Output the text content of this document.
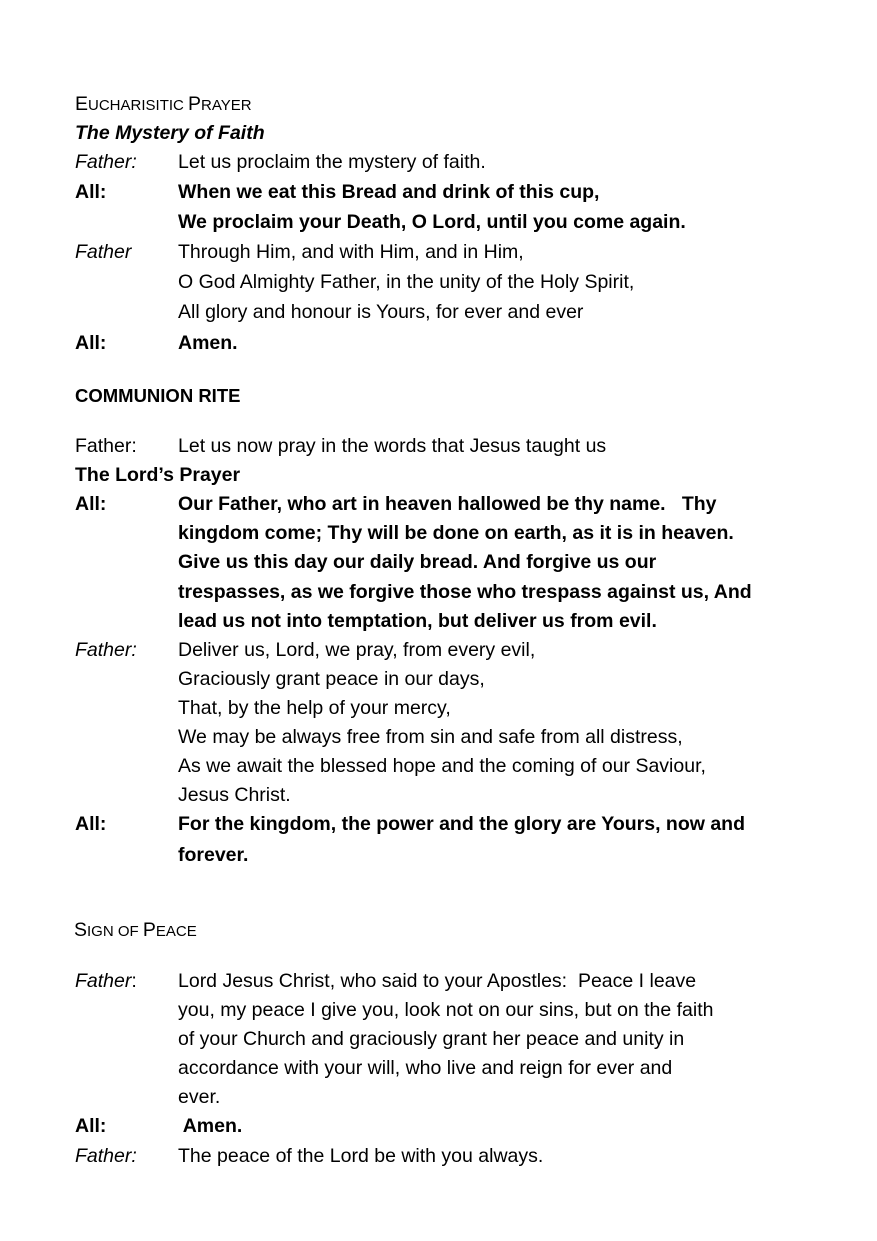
EUCHARISITIC PRAYER
The Mystery of Faith
Father: Let us proclaim the mystery of faith.
All:	When we eat this Bread and drink of this cup,
We proclaim your Death, O Lord, until you come again.
Father Through Him, and with Him, and in Him,
O God Almighty Father, in the unity of the Holy Spirit,
All glory and honour is Yours, for ever and ever
All:	Amen.
COMMUNION RITE
Father: Let us now pray in the words that Jesus taught us
The Lord’s Prayer
All:	Our Father, who art in heaven hallowed be thy name.   Thy
kingdom come; Thy will be done on earth, as it is in heaven.
Give us this day our daily bread. And forgive us our
trespasses, as we forgive those who trespass against us, And
lead us not into temptation, but deliver us from evil.
Father: Deliver us, Lord, we pray, from every evil,
Graciously grant peace in our days,
That, by the help of your mercy,
We may be always free from sin and safe from all distress,
As we await the blessed hope and the coming of our Saviour,
Jesus Christ.
All:	For the kingdom, the power and the glory are Yours, now and
forever.
SIGN OF PEACE
Father: Lord Jesus Christ, who said to your Apostles:  Peace I leave
you, my peace I give you, look not on our sins, but on the faith
of your Church and graciously grant her peace and unity in
accordance with your will, who live and reign for ever and
ever.
All:	Amen.
Father: The peace of the Lord be with you always.
